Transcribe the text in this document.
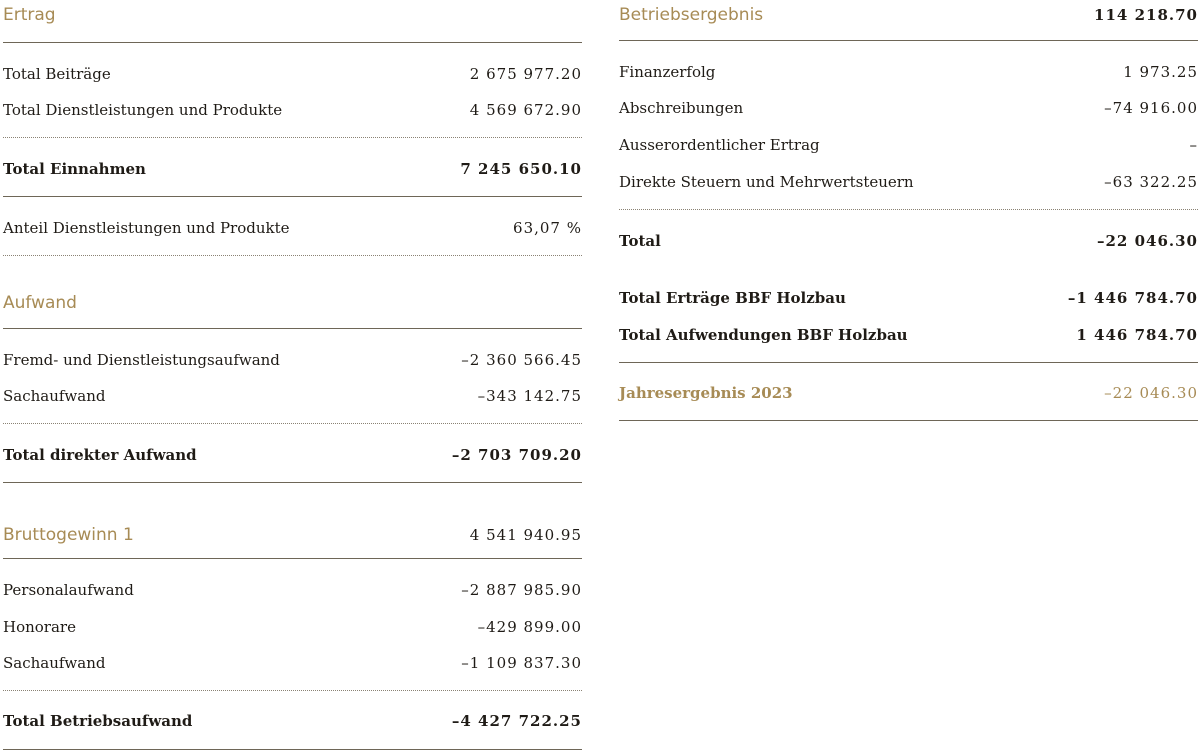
Ertrag
Total Beiträge	2 675 977.20
Total Dienstleistungen und Produkte	4 569 672.90
Total Einnahmen	7 245 650.10
Anteil Dienstleistungen und Produkte	63,07 %
Aufwand
Fremd- und Dienstleistungsaufwand	–2 360 566.45
Sachaufwand	–343 142.75
Total direkter Aufwand	–2 703 709.20
Bruttogewinn 1	4 541 940.95
Personalaufwand	–2 887 985.90
Honorare	–429 899.00
Sachaufwand	–1 109 837.30
Total Betriebsaufwand	–4 427 722.25
Betriebsergebnis	114 218.70
Finanzerfolg	1 973.25
Abschreibungen	–74 916.00
Ausserordentlicher Ertrag	–
Direkte Steuern und Mehrwertsteuern	–63 322.25
Total	–22 046.30
Total Erträge BBF Holzbau	–1 446 784.70
Total Aufwendungen BBF Holzbau	1 446 784.70
Jahresergebnis 2023	–22 046.30
